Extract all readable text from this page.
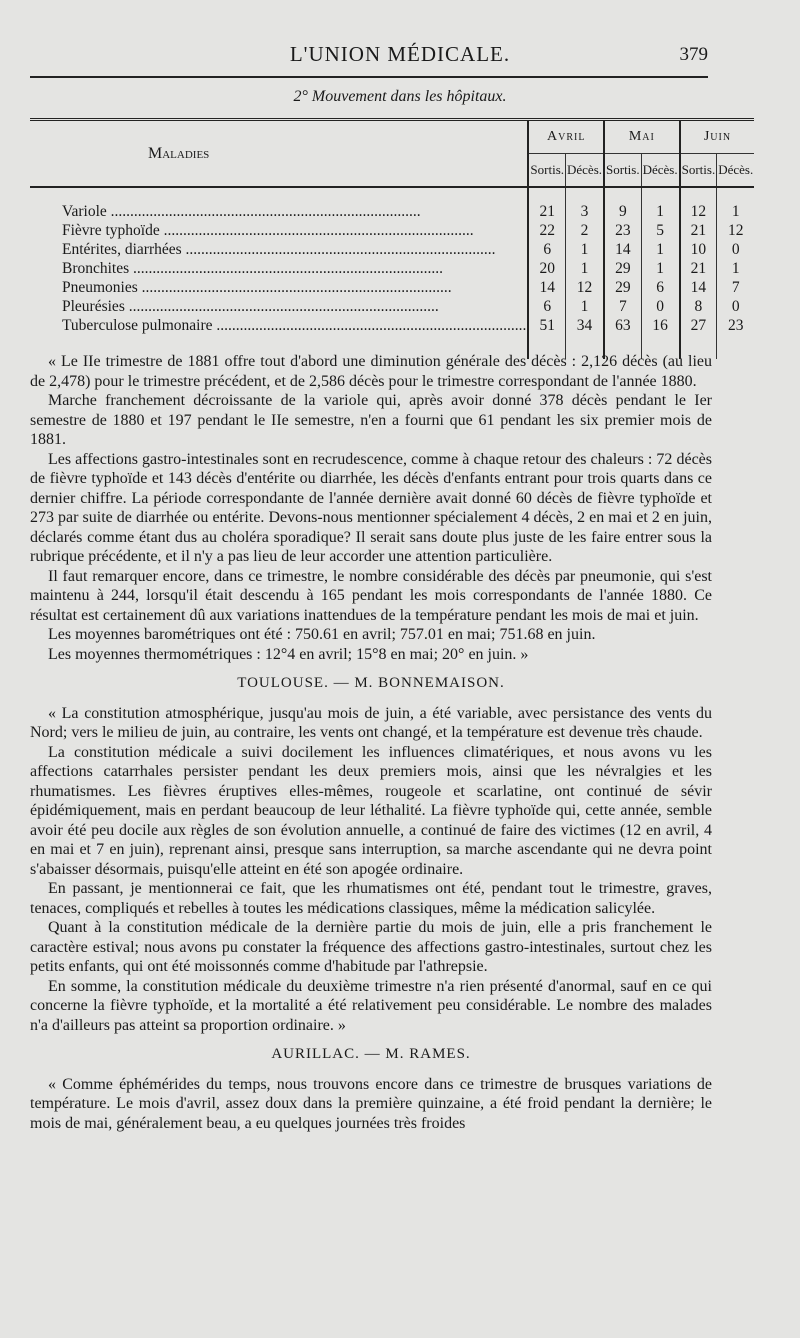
L'UNION MÉDICALE.	379
2° Mouvement dans les hôpitaux.
Maladies	Avril		Mai		Juin	
	Sortis.	Décès.	Sortis.	Décès.	Sortis.	Décès.

Variole ................................................................................	21	3	9	1	12	1
Fièvre typhoïde ................................................................................	22	2	23	5	21	12
Entérites, diarrhées ................................................................................	6	1	14	1	10	0
Bronchites ................................................................................	20	1	29	1	21	1
Pneumonies ................................................................................	14	12	29	6	14	7
Pleurésies ................................................................................	6	1	7	0	8	0
Tuberculose pulmonaire ................................................................................	51	34	63	16	27	23

« Le IIe trimestre de 1881 offre tout d'abord une diminution générale des décès : 2,126 décès (au lieu de 2,478) pour le trimestre précédent, et de 2,586 décès pour le trimestre correspondant de l'année 1880.

Marche franchement décroissante de la variole qui, après avoir donné 378 décès pendant le Ier semestre de 1880 et 197 pendant le IIe semestre, n'en a fourni que 61 pendant les six premier mois de 1881.

Les affections gastro-intestinales sont en recrudescence, comme à chaque retour des chaleurs : 72 décès de fièvre typhoïde et 143 décès d'entérite ou diarrhée, les décès d'enfants entrant pour trois quarts dans ce dernier chiffre. La période correspondante de l'année dernière avait donné 60 décès de fièvre typhoïde et 273 par suite de diarrhée ou entérite. Devons-nous mentionner spécialement 4 décès, 2 en mai et 2 en juin, déclarés comme étant dus au choléra sporadique? Il serait sans doute plus juste de les faire entrer sous la rubrique précédente, et il n'y a pas lieu de leur accorder une attention particulière.

Il faut remarquer encore, dans ce trimestre, le nombre considérable des décès par pneumonie, qui s'est maintenu à 244, lorsqu'il était descendu à 165 pendant les mois correspondants de l'année 1880. Ce résultat est certainement dû aux variations inattendues de la température pendant les mois de mai et juin.

Les moyennes barométriques ont été : 750.61 en avril; 757.01 en mai; 751.68 en juin.

Les moyennes thermométriques : 12°4 en avril; 15°8 en mai; 20° en juin. »

TOULOUSE. — M. BONNEMAISON.

« La constitution atmosphérique, jusqu'au mois de juin, a été variable, avec persistance des vents du Nord; vers le milieu de juin, au contraire, les vents ont changé, et la température est devenue très chaude.

La constitution médicale a suivi docilement les influences climatériques, et nous avons vu les affections catarrhales persister pendant les deux premiers mois, ainsi que les névralgies et les rhumatismes. Les fièvres éruptives elles-mêmes, rougeole et scarlatine, ont continué de sévir épidémiquement, mais en perdant beaucoup de leur léthalité. La fièvre typhoïde qui, cette année, semble avoir été peu docile aux règles de son évolution annuelle, a continué de faire des victimes (12 en avril, 4 en mai et 7 en juin), reprenant ainsi, presque sans interruption, sa marche ascendante qui ne devra point s'abaisser désormais, puisqu'elle atteint en été son apogée ordinaire.

En passant, je mentionnerai ce fait, que les rhumatismes ont été, pendant tout le trimestre, graves, tenaces, compliqués et rebelles à toutes les médications classiques, même la médication salicylée.

Quant à la constitution médicale de la dernière partie du mois de juin, elle a pris franchement le caractère estival; nous avons pu constater la fréquence des affections gastro-intestinales, surtout chez les petits enfants, qui ont été moissonnés comme d'habitude par l'athrepsie.

En somme, la constitution médicale du deuxième trimestre n'a rien présenté d'anormal, sauf en ce qui concerne la fièvre typhoïde, et la mortalité a été relativement peu considérable. Le nombre des malades n'a d'ailleurs pas atteint sa proportion ordinaire. »

AURILLAC. — M. RAMES.

« Comme éphémérides du temps, nous trouvons encore dans ce trimestre de brusques variations de température. Le mois d'avril, assez doux dans la première quinzaine, a été froid pendant la dernière; le mois de mai, généralement beau, a eu quelques journées très froides
